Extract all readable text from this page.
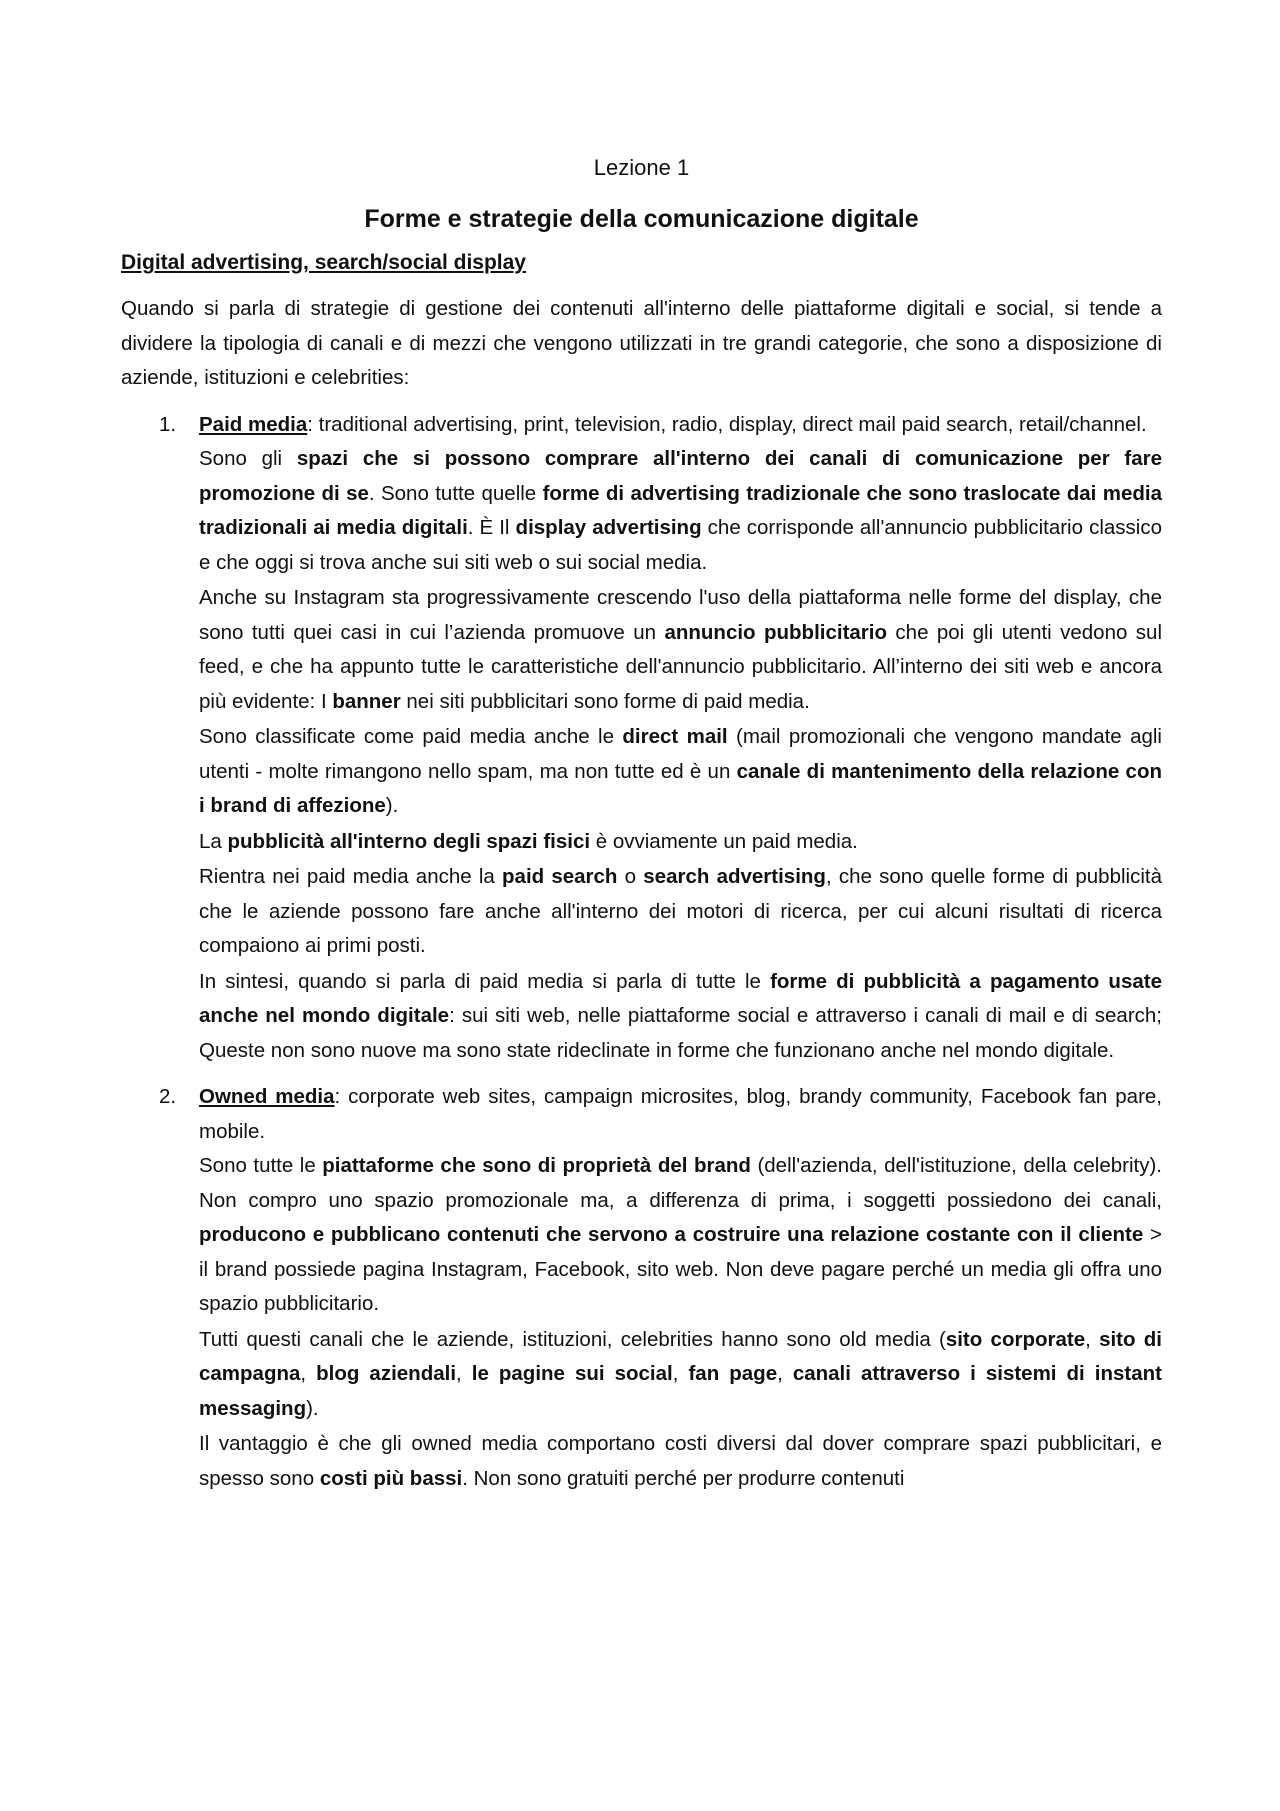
Lezione 1
Forme e strategie della comunicazione digitale
Digital advertising, search/social display

Quando si parla di strategie di gestione dei contenuti all'interno delle piattaforme digitali e social, si tende a dividere la tipologia di canali e di mezzi che vengono utilizzati in tre grandi categorie, che sono a disposizione di aziende, istituzioni e celebrities:

1. Paid media: traditional advertising, print, television, radio, display, direct mail paid search, retail/channel.

Sono gli spazi che si possono comprare all'interno dei canali di comunicazione per fare promozione di se. Sono tutte quelle forme di advertising tradizionale che sono traslocate dai media tradizionali ai media digitali. È Il display advertising che corrisponde all'annuncio pubblicitario classico e che oggi si trova anche sui siti web o sui social media.

Anche su Instagram sta progressivamente crescendo l'uso della piattaforma nelle forme del display, che sono tutti quei casi in cui l’azienda promuove un annuncio pubblicitario che poi gli utenti vedono sul feed, e che ha appunto tutte le caratteristiche dell'annuncio pubblicitario. All’interno dei siti web e ancora più evidente: I banner nei siti pubblicitari sono forme di paid media.

Sono classificate come paid media anche le direct mail (mail promozionali che vengono mandate agli utenti - molte rimangono nello spam, ma non tutte ed è un canale di mantenimento della relazione con i brand di affezione).

La pubblicità all'interno degli spazi fisici è ovviamente un paid media.

Rientra nei paid media anche la paid search o search advertising, che sono quelle forme di pubblicità che le aziende possono fare anche all'interno dei motori di ricerca, per cui alcuni risultati di ricerca compaiono ai primi posti.

In sintesi, quando si parla di paid media si parla di tutte le forme di pubblicità a pagamento usate anche nel mondo digitale: sui siti web, nelle piattaforme social e attraverso i canali di mail e di search; Queste non sono nuove ma sono state rideclinate in forme che funzionano anche nel mondo digitale.

2. Owned media: corporate web sites, campaign microsites, blog, brandy community, Facebook fan pare, mobile.

Sono tutte le piattaforme che sono di proprietà del brand (dell'azienda, dell'istituzione, della celebrity). Non compro uno spazio promozionale ma, a differenza di prima, i soggetti possiedono dei canali, producono e pubblicano contenuti che servono a costruire una relazione costante con il cliente > il brand possiede pagina Instagram, Facebook, sito web. Non deve pagare perché un media gli offra uno spazio pubblicitario.

Tutti questi canali che le aziende, istituzioni, celebrities hanno sono old media (sito corporate, sito di campagna, blog aziendali, le pagine sui social, fan page, canali attraverso i sistemi di instant messaging).

Il vantaggio è che gli owned media comportano costi diversi dal dover comprare spazi pubblicitari, e spesso sono costi più bassi. Non sono gratuiti perché per produrre contenuti
